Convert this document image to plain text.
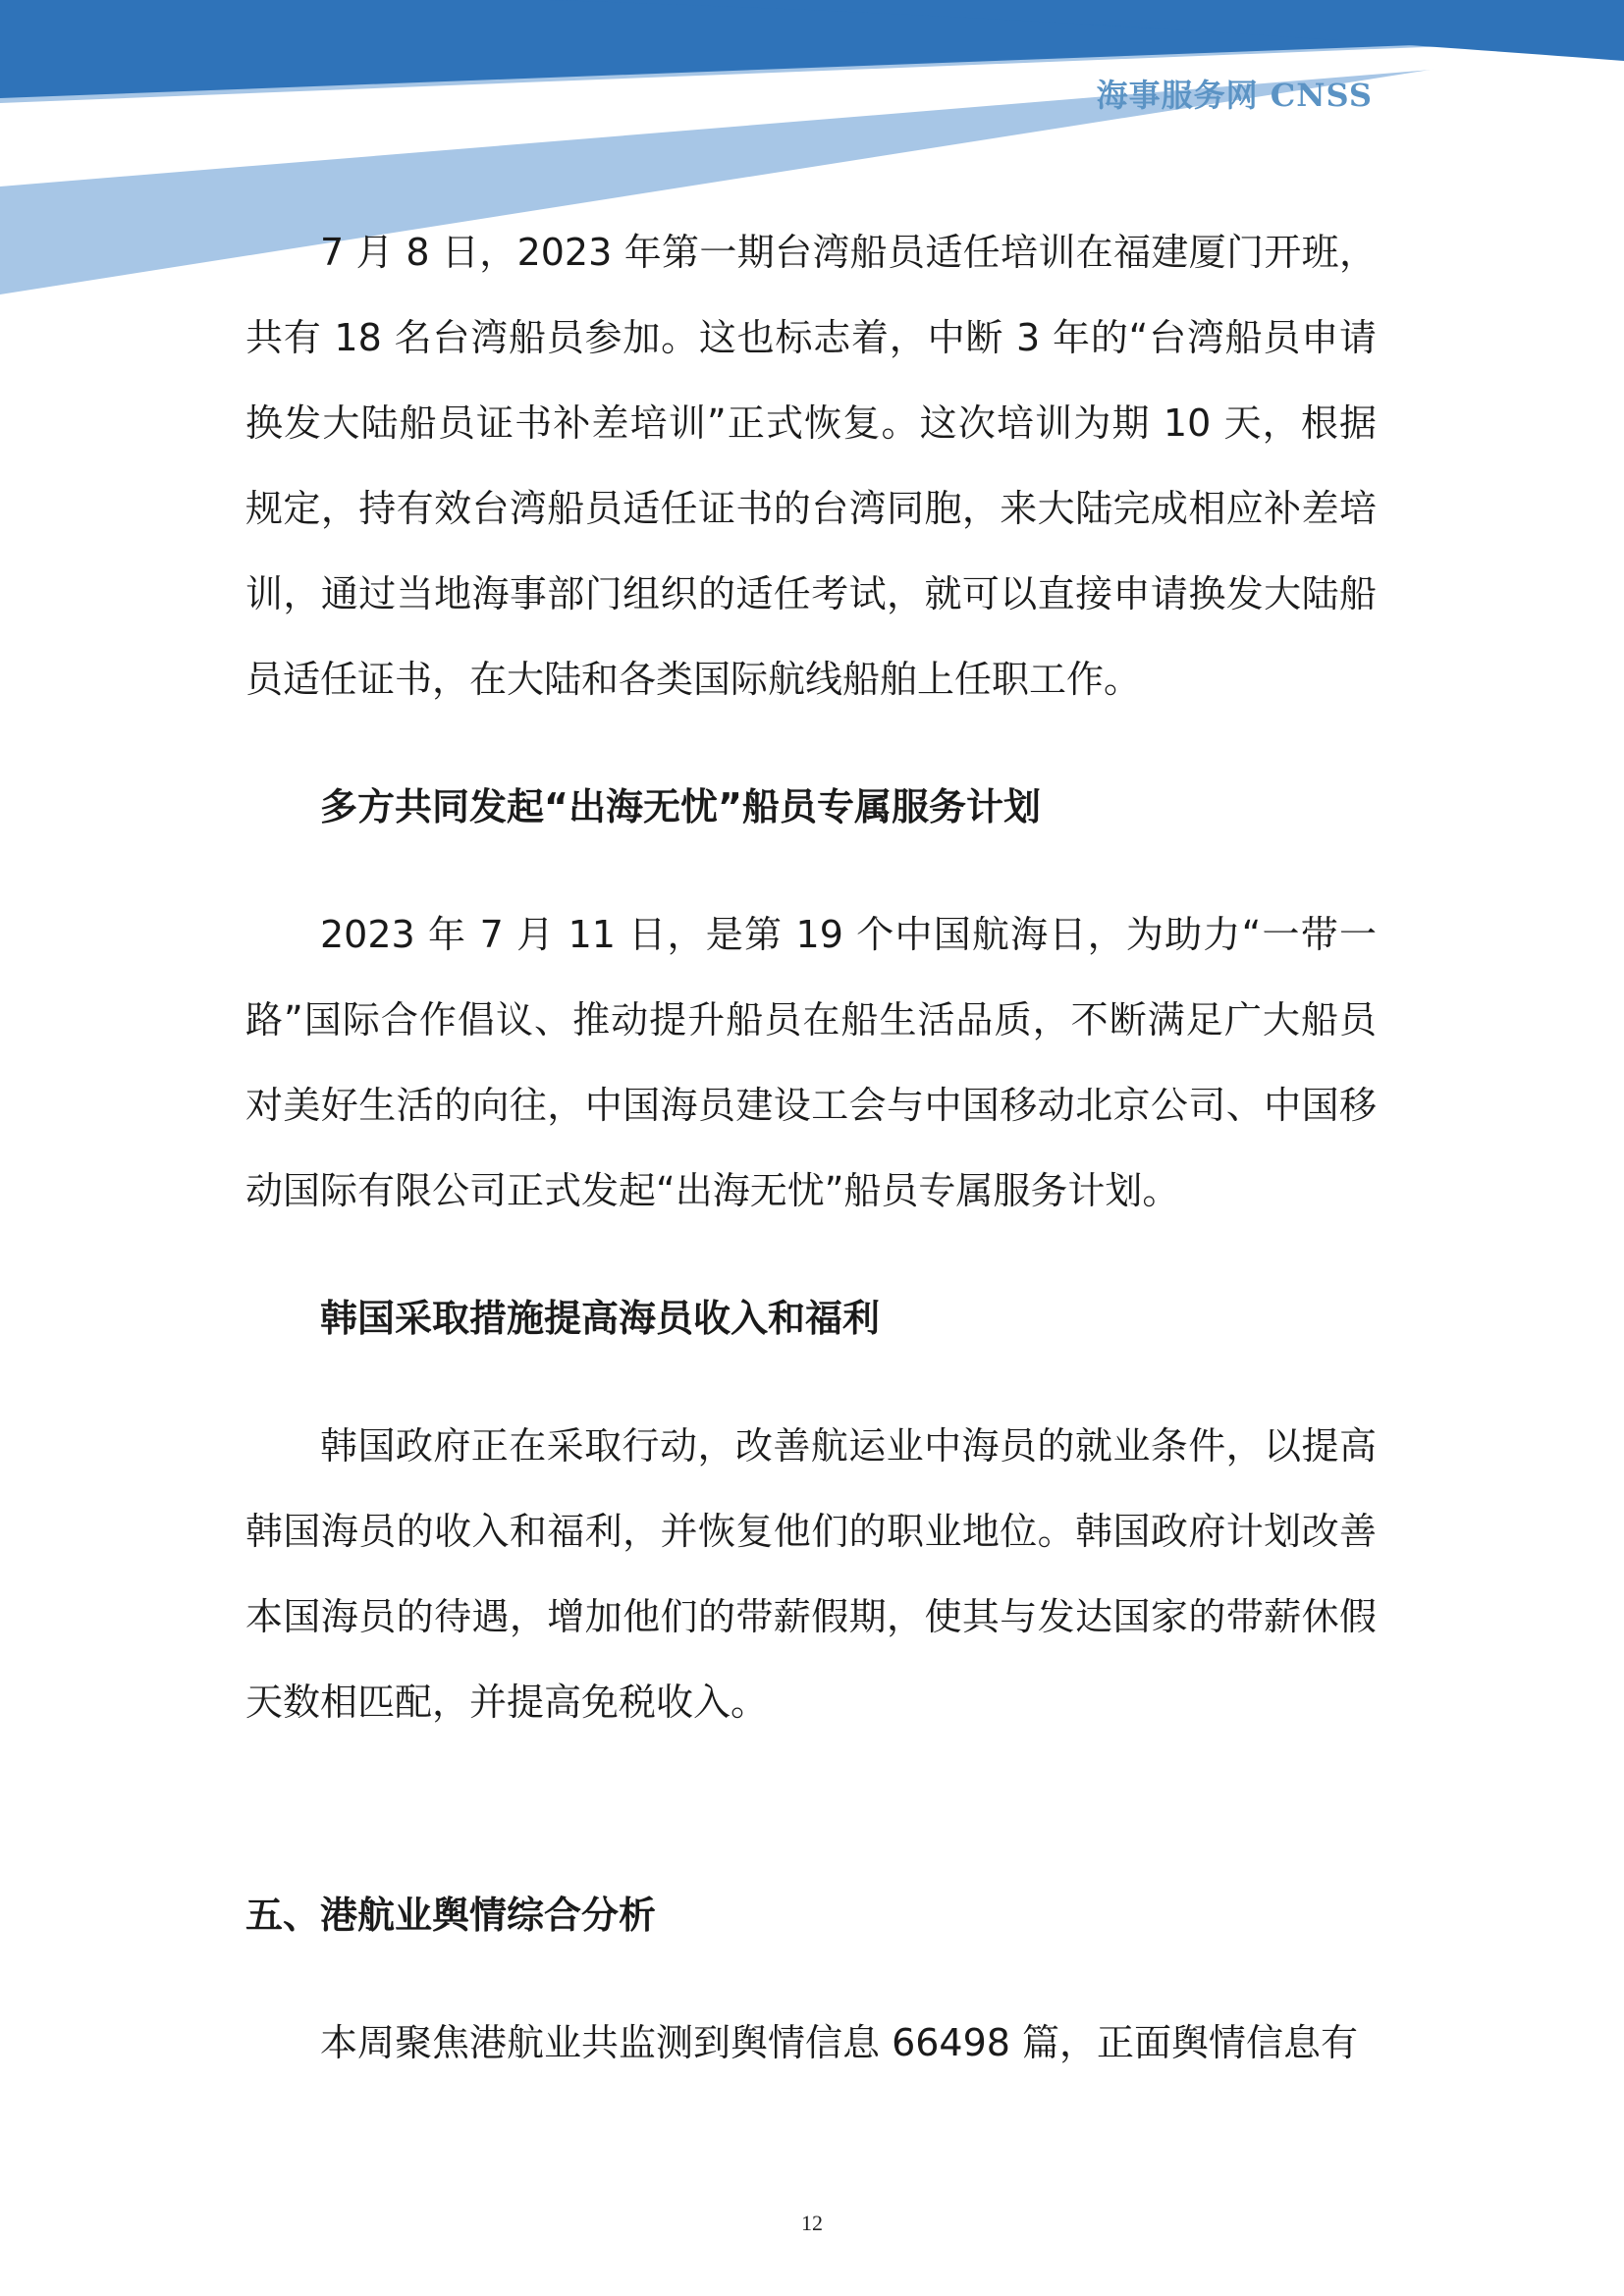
海事服务网 CNSS

7 月 8 日，2023 年第一期台湾船员适任培训在福建厦门开班，共有 18 名台湾船员参加。这也标志着，中断 3 年的“台湾船员申请换发大陆船员证书补差培训”正式恢复。这次培训为期 10 天，根据规定，持有效台湾船员适任证书的台湾同胞，来大陆完成相应补差培训，通过当地海事部门组织的适任考试，就可以直接申请换发大陆船员适任证书，在大陆和各类国际航线船舶上任职工作。

多方共同发起“出海无忧”船员专属服务计划

2023 年 7 月 11 日，是第 19 个中国航海日，为助力“一带一路”国际合作倡议、推动提升船员在船生活品质，不断满足广大船员对美好生活的向往，中国海员建设工会与中国移动北京公司、中国移动国际有限公司正式发起“出海无忧”船员专属服务计划。

韩国采取措施提高海员收入和福利

韩国政府正在采取行动，改善航运业中海员的就业条件，以提高韩国海员的收入和福利，并恢复他们的职业地位。韩国政府计划改善本国海员的待遇，增加他们的带薪假期，使其与发达国家的带薪休假天数相匹配，并提高免税收入。

五、港航业舆情综合分析

本周聚焦港航业共监测到舆情信息 66498 篇，正面舆情信息有

12
